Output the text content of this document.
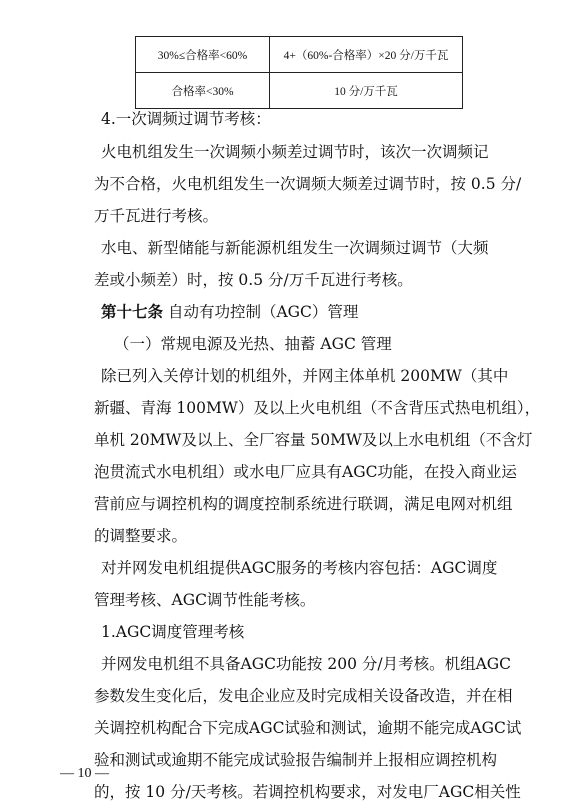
30%≤合格率<60%	4+（60%-合格率）×20 分/万千瓦
合格率<30%	10 分/万千瓦
4.一次调频过调节考核：
火电机组发生一次调频小频差过调节时，该次一次调频记
为不合格，火电机组发生一次调频大频差过调节时，按 0.5 分/
万千瓦进行考核。
水电、新型储能与新能源机组发生一次调频过调节（大频
差或小频差）时，按 0.5 分/万千瓦进行考核。
第十七条 自动有功控制（AGC）管理
（一）常规电源及光热、抽蓄 AGC 管理
除已列入关停计划的机组外，并网主体单机 200MW（其中
新疆、青海 100MW）及以上火电机组（不含背压式热电机组），
单机 20MW及以上、全厂容量 50MW及以上水电机组（不含灯
泡贯流式水电机组）或水电厂应具有AGC功能，在投入商业运
营前应与调控机构的调度控制系统进行联调，满足电网对机组
的调整要求。
对并网发电机组提供AGC服务的考核内容包括：AGC调度
管理考核、AGC调节性能考核。
1.AGC调度管理考核
并网发电机组不具备AGC功能按 200 分/月考核。机组AGC
参数发生变化后，发电企业应及时完成相关设备改造，并在相
关调控机构配合下完成AGC试验和测试，逾期不能完成AGC试
验和测试或逾期不能完成试验报告编制并上报相应调控机构
的，按 10 分/天考核。若调控机构要求，对发电厂AGC相关性
— 10 —
